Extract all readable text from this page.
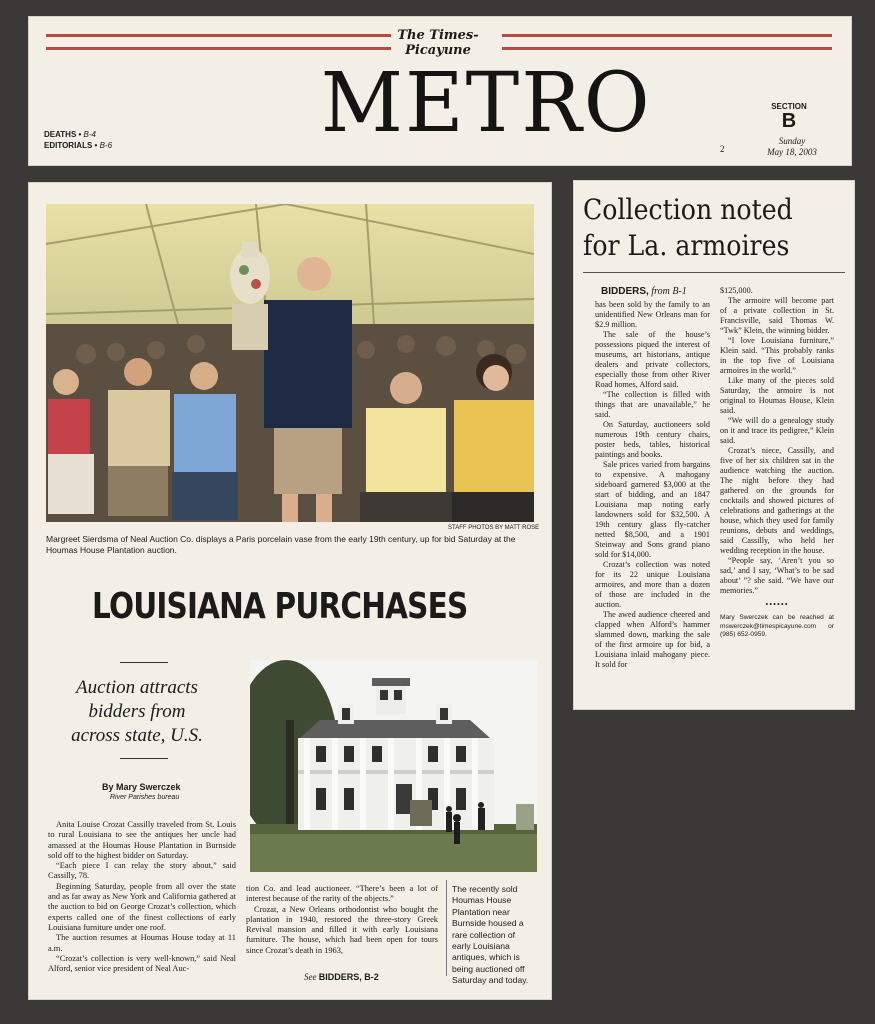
The Times-Picayune
METRO
DEATHS • B-4
EDITORIALS • B-6
SECTION
B
Sunday
May 18, 2003
2
STAFF PHOTOS BY MATT ROSE
Margreet Sierdsma of Neal Auction Co. displays a Paris porcelain vase from the early 19th century, up for bid Saturday at the Houmas House Plantation auction.
LOUISIANA PURCHASES
Auction attracts bidders from across state, U.S.
By Mary Swerczek
River Parishes bureau

Anita Louise Crozat Cassilly traveled from St. Louis to rural Louisiana to see the antiques her uncle had amassed at the Houmas House Plantation in Burnside sold off to the highest bidder on Saturday.

“Each piece I can relay the story about,” said Cassilly, 78.

Beginning Saturday, people from all over the state and as far away as New York and California gathered at the auction to bid on George Crozat’s collection, which experts called one of the finest collections of early Louisiana furniture under one roof.

The auction resumes at Houmas House today at 11 a.m.

“Crozat’s collection is very well-known,” said Neal Alford, senior vice president of Neal Auc-

tion Co. and lead auctioneer. “There’s been a lot of interest because of the rarity of the objects.”

Crozat, a New Orleans orthodontist who bought the plantation in 1940, restored the three-story Greek Revival mansion and filled it with early Louisiana furniture. The house, which had been open for tours since Crozat’s death in 1963,

See BIDDERS, B-2
The recently sold Houmas House Plantation near Burnside housed a rare collection of early Louisiana antiques, which is being auctioned off Saturday and today.
Collection noted for La. armoires
BIDDERS, from B-1

has been sold by the family to an unidentified New Orleans man for $2.9 million.

The sale of the house’s possessions piqued the interest of museums, art historians, antique dealers and private collectors, especially those from other River Road homes, Alford said.

“The collection is filled with things that are unavailable,” he said.

On Saturday, auctioneers sold numerous 19th century chairs, poster beds, tables, historical paintings and books.

Sale prices varied from bargains to expensive. A mahogany sideboard garnered $3,000 at the start of bidding, and an 1847 Louisiana map noting early landowners sold for $32,500. A 19th century glass fly-catcher netted $8,500, and a 1901 Steinway and Sons grand piano sold for $14,000.

Crozat’s collection was noted for its 22 unique Louisiana armoires, and more than a dozen of those are included in the auction.

The awed audience cheered and clapped when Alford’s hammer slammed down, marking the sale of the first armoire up for bid, a Louisiana inlaid mahogany piece. It sold for

$125,000.

The armoire will become part of a private collection in St. Francisville, said Thomas W. “Twk” Klein, the winning bidder.

“I love Louisiana furniture,” Klein said. “This probably ranks in the top five of Louisiana armoires in the world.”

Like many of the pieces sold Saturday, the armoire is not original to Houmas House, Klein said.

“We will do a genealogy study on it and trace its pedigree,” Klein said.

Crozat’s niece, Cassilly, and five of her six children sat in the audience watching the auction. The night before they had gathered on the grounds for cocktails and showed pictures of celebrations and gatherings at the house, which they used for family reunions, debuts and weddings, said Cassilly, who held her wedding reception in the house.

“People say, ‘Aren’t you so sad,’ and I say, ‘What’s to be sad about’ ”? she said. “We have our memories.”

••••••

Mary Swerczek can be reached at mswerczek@timespicayune.com or (985) 652-0959.
